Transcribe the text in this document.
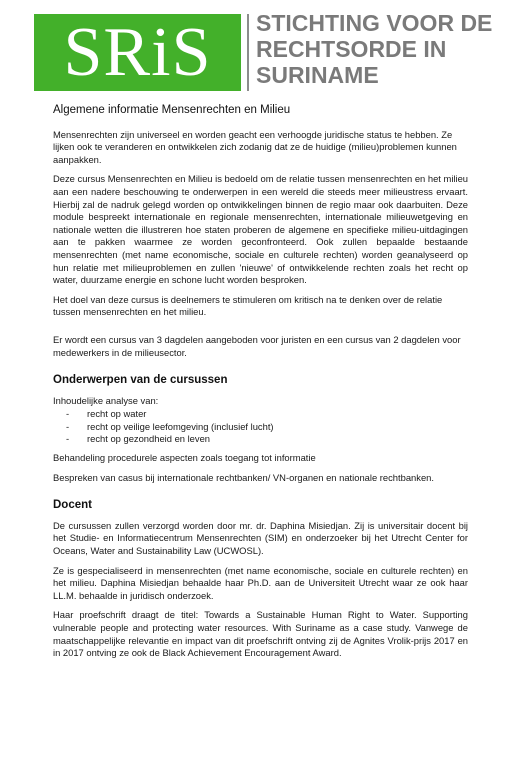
SRiS	STICHTING VOOR DE
RECHTSORDE IN
SURINAME
Algemene informatie Mensenrechten en Milieu

Mensenrechten zijn universeel en worden geacht een verhoogde juridische status te hebben. Ze lijken ook te veranderen en ontwikkelen zich zodanig dat ze de huidige (milieu)problemen kunnen aanpakken.

Deze cursus Mensenrechten en Milieu is bedoeld om de relatie tussen mensenrechten en het milieu aan een nadere beschouwing te onderwerpen in een wereld die steeds meer milieustress ervaart. Hierbij zal de nadruk gelegd worden op ontwikkelingen binnen de regio maar ook daarbuiten. Deze module bespreekt internationale en regionale mensenrechten, internationale milieuwetgeving en nationale wetten die illustreren hoe staten proberen de algemene en specifieke milieu-uitdagingen aan te pakken waarmee ze worden geconfronteerd. Ook zullen bepaalde bestaande mensenrechten (met name economische, sociale en culturele rechten) worden geanalyseerd op hun relatie met milieuproblemen en zullen 'nieuwe' of ontwikkelende rechten zoals het recht op water, duurzame energie en schone lucht worden besproken.

Het doel van deze cursus is deelnemers te stimuleren om kritisch na te denken over de relatie tussen mensenrechten en het milieu.

Er wordt een cursus van 3 dagdelen aangeboden voor juristen en een cursus van 2 dagdelen voor medewerkers in de milieusector.

Onderwerpen van de cursussen

Inhoudelijke analyse van:

- recht op water
- recht op veilige leefomgeving (inclusief lucht)
- recht op gezondheid en leven

Behandeling procedurele aspecten zoals toegang tot informatie

Bespreken van casus bij internationale rechtbanken/ VN-organen en nationale rechtbanken.

Docent

De cursussen zullen verzorgd worden door mr. dr. Daphina Misiedjan. Zij is universitair docent bij het Studie- en Informatiecentrum Mensenrechten (SIM) en onderzoeker bij het Utrecht Center for Oceans, Water and Sustainability Law (UCWOSL).

Ze is gespecialiseerd in mensenrechten (met name economische, sociale en culturele rechten) en het milieu. Daphina Misiedjan behaalde haar Ph.D. aan de Universiteit Utrecht waar ze ook haar LL.M. behaalde in juridisch onderzoek.

Haar proefschrift draagt de titel: Towards a Sustainable Human Right to Water. Supporting vulnerable people and protecting water resources. With Suriname as a case study. Vanwege de maatschappelijke relevantie en impact van dit proefschrift ontving zij de Agnites Vrolik-prijs 2017 en in 2017 ontving ze ook de Black Achievement Encouragement Award.
